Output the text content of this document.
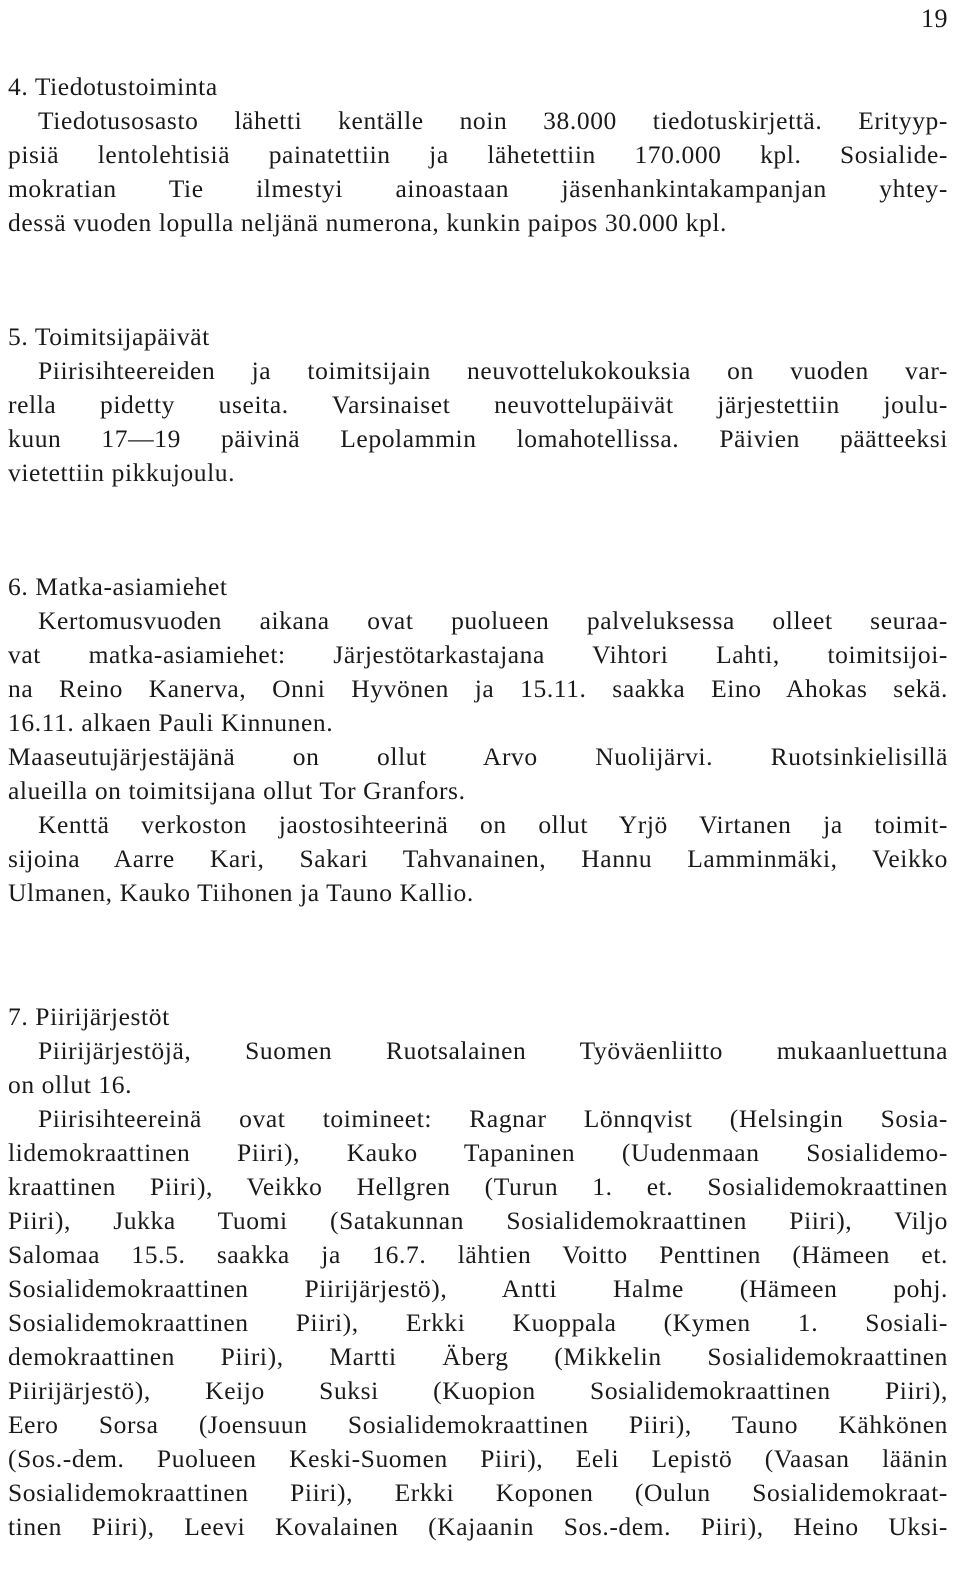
19
4. Tiedotustoiminta
Tiedotusosasto lähetti kentälle noin 38.000 tiedotuskirjettä. Erityyp-
pisiä lentolehtisiä painatettiin ja lähetettiin 170.000 kpl. Sosialide-
mokratian Tie ilmestyi ainoastaan jäsenhankintakampanjan yhtey-
dessä vuoden lopulla neljänä numerona, kunkin paipos 30.000 kpl.
5. Toimitsijapäivät
Piirisihteereiden ja toimitsijain neuvottelukokouksia on vuoden var-
rella pidetty useita. Varsinaiset neuvottelupäivät järjestettiin joulu-
kuun 17—19 päivinä Lepolammin lomahotellissa. Päivien päätteeksi
vietettiin pikkujoulu.
6. Matka-asiamiehet
Kertomusvuoden aikana ovat puolueen palveluksessa olleet seuraa-
vat matka-asiamiehet: Järjestötarkastajana Vihtori Lahti, toimitsijoi-
na Reino Kanerva, Onni Hyvönen ja 15.11. saakka Eino Ahokas sekä.
16.11. alkaen Pauli Kinnunen.
Maaseutujärjestäjänä on ollut Arvo Nuolijärvi. Ruotsinkielisillä
alueilla on toimitsijana ollut Tor Granfors.
Kenttä verkoston jaostosihteerinä on ollut Yrjö Virtanen ja toimit-
sijoina Aarre Kari, Sakari Tahvanainen, Hannu Lamminmäki, Veikko
Ulmanen, Kauko Tiihonen ja Tauno Kallio.
7. Piirijärjestöt
Piirijärjestöjä, Suomen Ruotsalainen Työväenliitto mukaanluettuna
on ollut 16.
Piirisihteereinä ovat toimineet: Ragnar Lönnqvist (Helsingin Sosia-
lidemokraattinen Piiri), Kauko Tapaninen (Uudenmaan Sosialidemo-
kraattinen Piiri), Veikko Hellgren (Turun 1. et. Sosialidemokraattinen
Piiri), Jukka Tuomi (Satakunnan Sosialidemokraattinen Piiri), Viljo
Salomaa 15.5. saakka ja 16.7. lähtien Voitto Penttinen (Hämeen et.
Sosialidemokraattinen Piirijärjestö), Antti Halme (Hämeen pohj.
Sosialidemokraattinen Piiri), Erkki Kuoppala (Kymen 1. Sosiali-
demokraattinen Piiri), Martti Äberg (Mikkelin Sosialidemokraattinen
Piirijärjestö), Keijo Suksi (Kuopion Sosialidemokraattinen Piiri),
Eero Sorsa (Joensuun Sosialidemokraattinen Piiri), Tauno Kähkönen
(Sos.-dem. Puolueen Keski-Suomen Piiri), Eeli Lepistö (Vaasan läänin
Sosialidemokraattinen Piiri), Erkki Koponen (Oulun Sosialidemokraat-
tinen Piiri), Leevi Kovalainen (Kajaanin Sos.-dem. Piiri), Heino Uksi-
